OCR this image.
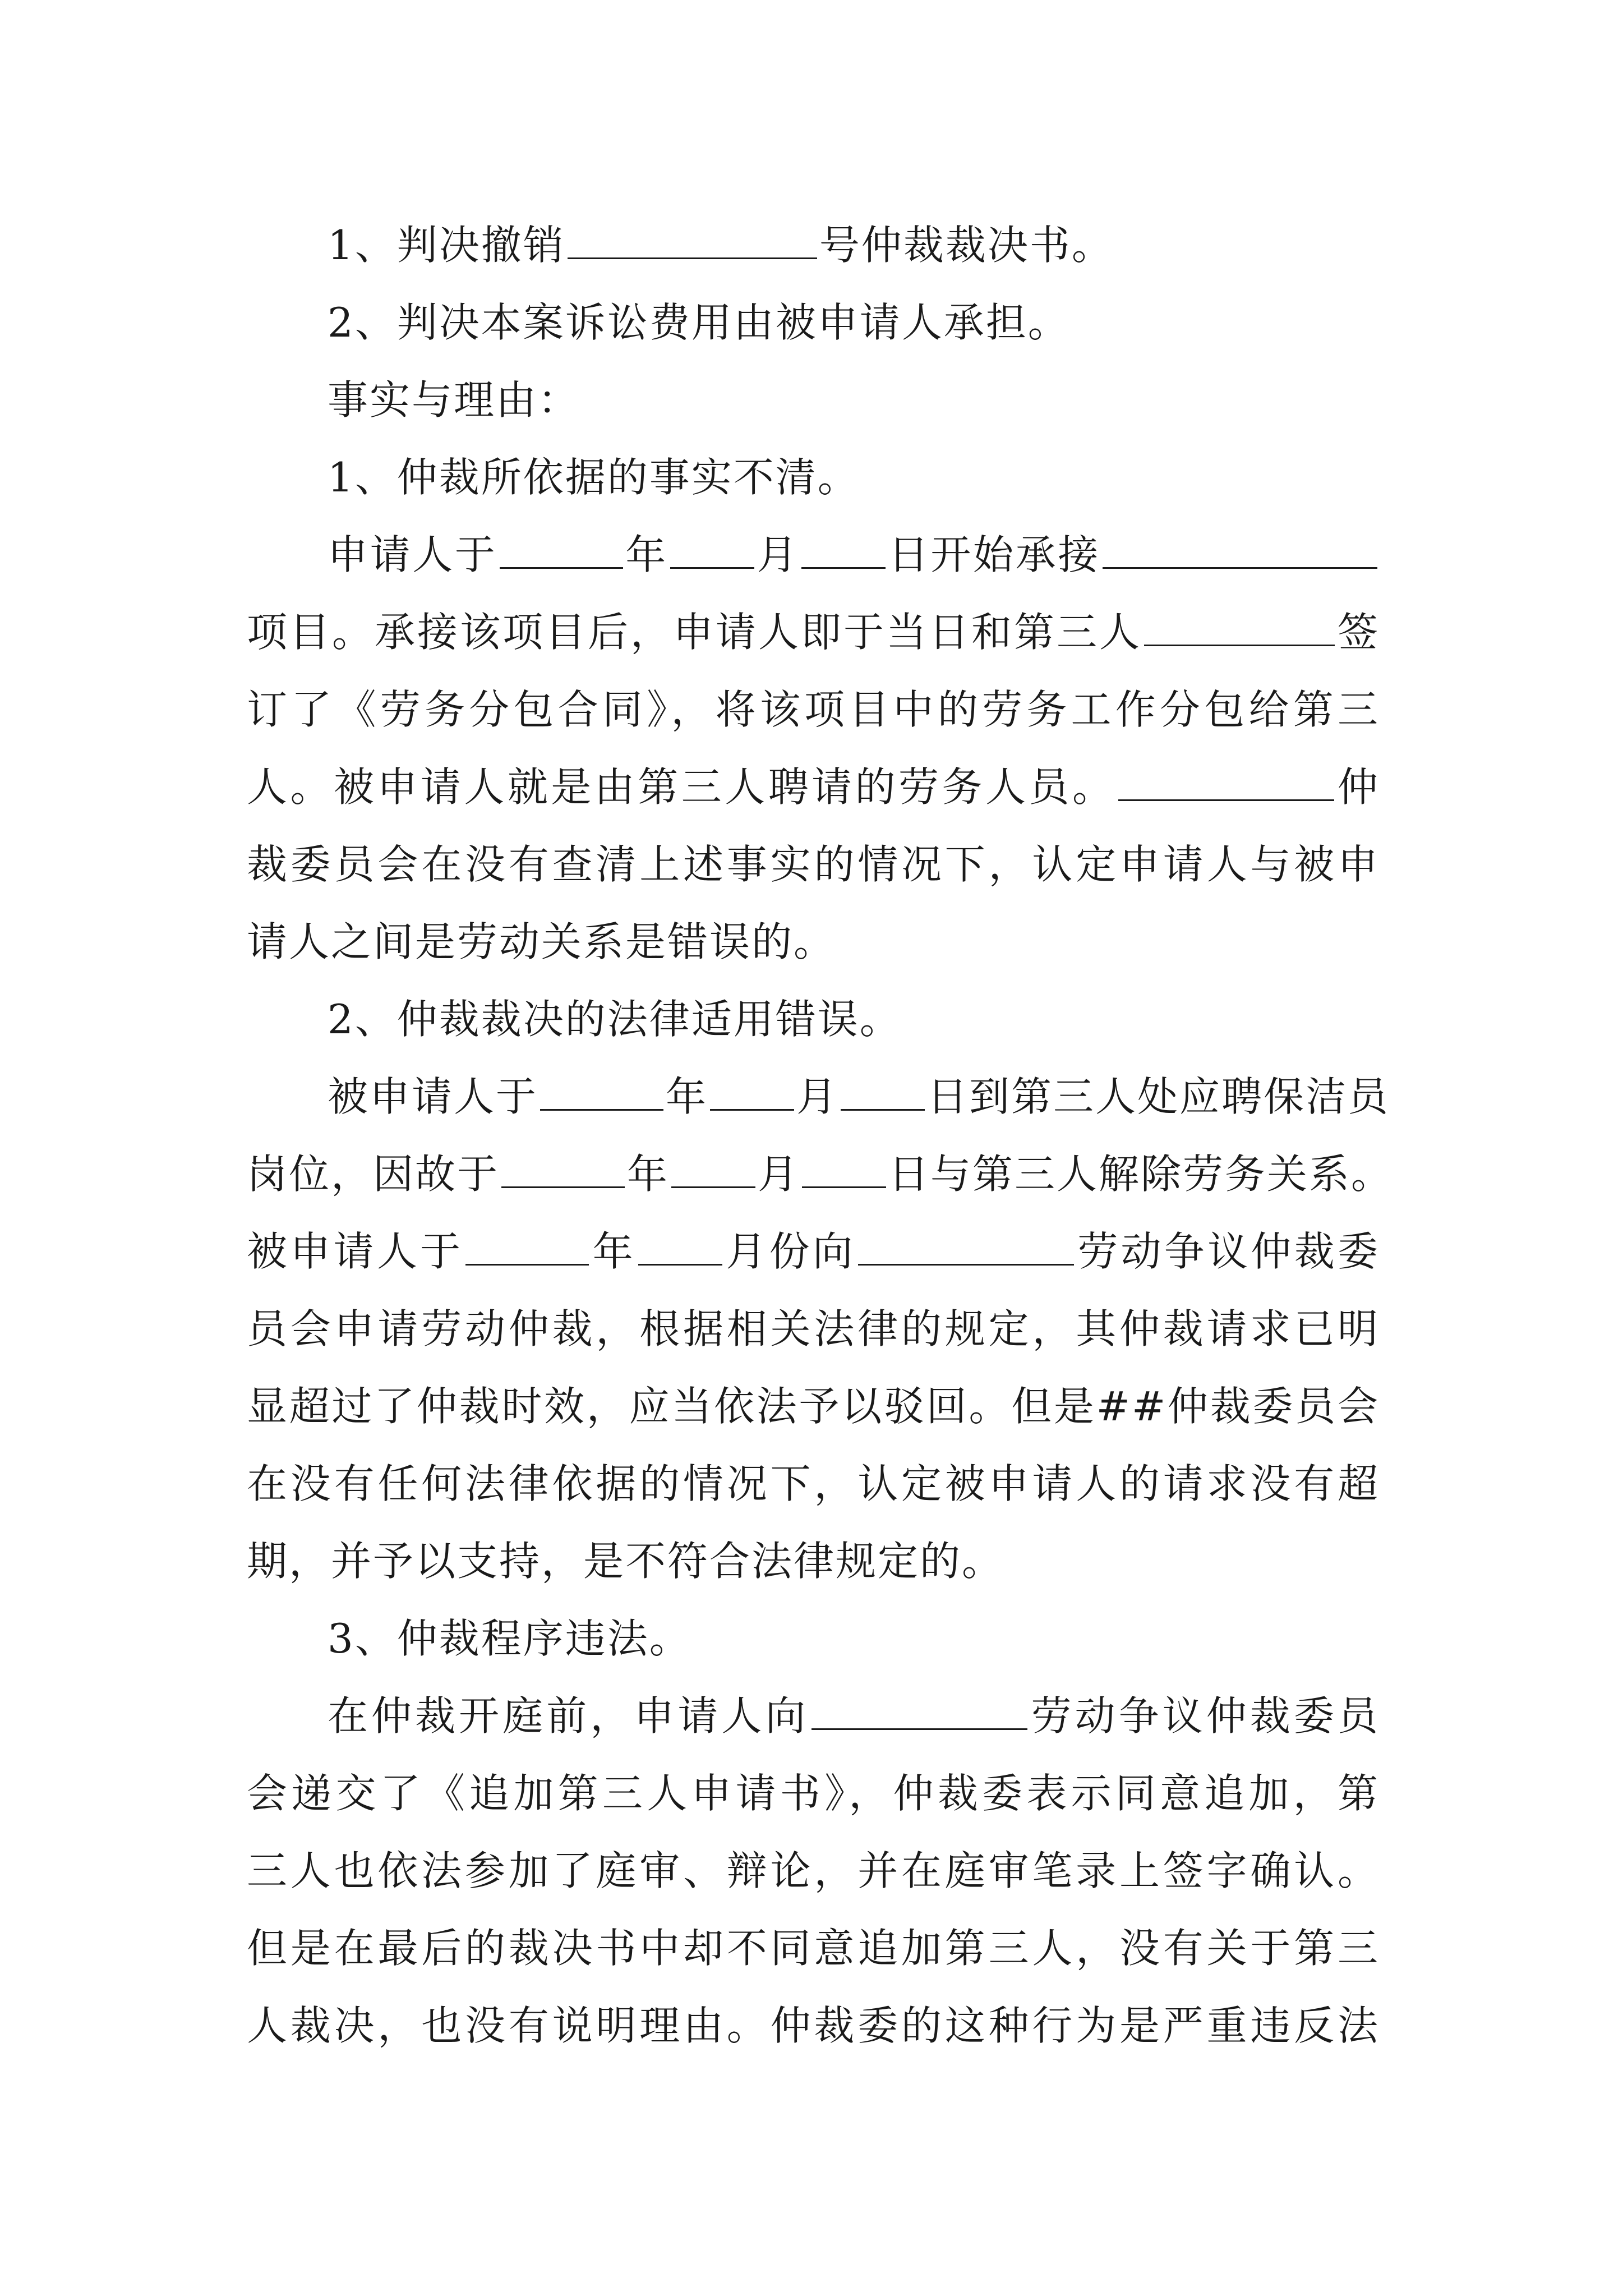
1、判决撤销	号仲裁裁决书。
2、判决本案诉讼费用由被申请人承担。
事实与理由：
1、仲裁所依据的事实不清。
申请人于	年 月 日开始承接
项目。承接该项目后，申请人即于当日和第三人	签
订了《劳务分包合同》，将该项目中的劳务工作分包给第三
人。被申请人就是由第三人聘请的劳务人员。	仲
裁委员会在没有查清上述事实的情况下，认定申请人与被申
请人之间是劳动关系是错误的。
2、仲裁裁决的法律适用错误。
被申请人于	年 月 日到第三人处应聘保洁员
岗位，因故于	年 月 日与第三人解除劳务关系。
被申请人于	年 月份向	劳动争议仲裁委
员会申请劳动仲裁，根据相关法律的规定，其仲裁请求已明
显超过了仲裁时效，应当依法予以驳回。但是##仲裁委员会
在没有任何法律依据的情况下，认定被申请人的请求没有超
期，并予以支持，是不符合法律规定的。
3、仲裁程序违法。
在仲裁开庭前，申请人向	劳动争议仲裁委员
会递交了《追加第三人申请书》，仲裁委表示同意追加，第
三人也依法参加了庭审、辩论，并在庭审笔录上签字确认。
但是在最后的裁决书中却不同意追加第三人，没有关于第三
人裁决，也没有说明理由。仲裁委的这种行为是严重违反法
